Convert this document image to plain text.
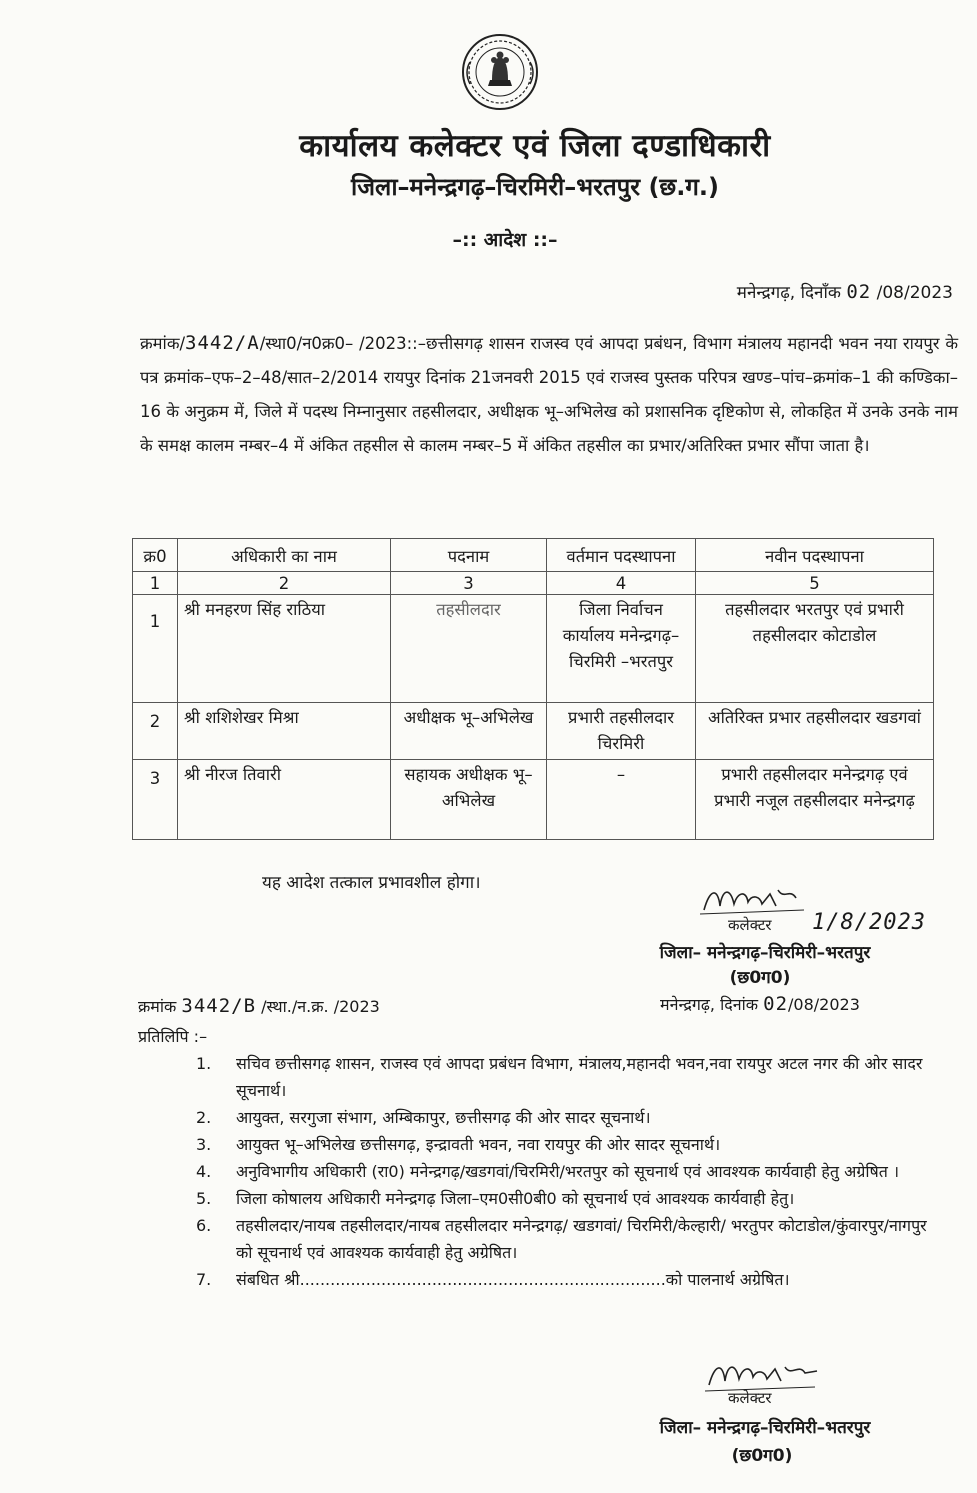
कार्यालय कलेक्टर एवं जिला दण्डाधिकारी
जिला–मनेन्द्रगढ़–चिरमिरी–भरतपुर (छ.ग.)
–:: आदेश ::–
मनेन्द्रगढ़, दिनाँक 02 /08/2023
क्रमांक/3442/A/स्था0/न0क्र0– /2023::–छत्तीसगढ़ शासन राजस्व एवं आपदा प्रबंधन, विभाग मंत्रालय महानदी भवन नया रायपुर के पत्र क्रमांक–एफ–2–48/सात–2/2014 रायपुर दिनांक 21जनवरी 2015 एवं राजस्व पुस्तक परिपत्र खण्ड–पांच–क्रमांक–1 की कण्डिका–16 के अनुक्रम में, जिले में पदस्थ निम्नानुसार तहसीलदार, अधीक्षक भू–अभिलेख को प्रशासनिक दृष्टिकोण से, लोकहित में उनके उनके नाम के समक्ष कालम नम्बर–4 में अंकित तहसील से कालम नम्बर–5 में अंकित तहसील का प्रभार/अतिरिक्त प्रभार सौंपा जाता है।
क्र0	अधिकारी का नाम	पदनाम	वर्तमान पदस्थापना	नवीन पदस्थापना
1	2	3	4	5
1	श्री मनहरण सिंह राठिया	तहसीलदार	जिला निर्वाचन कार्यालय मनेन्द्रगढ़–चिरमिरी –भरतपुर	तहसीलदार भरतपुर एवं प्रभारी तहसीलदार कोटाडोल
2	श्री शशिशेखर मिश्रा	अधीक्षक भू–अभिलेख	प्रभारी तहसीलदार चिरमिरी	अतिरिक्त प्रभार तहसीलदार खडगवां
3	श्री नीरज तिवारी	सहायक अधीक्षक भू–अभिलेख	–	प्रभारी तहसीलदार मनेन्द्रगढ़ एवं प्रभारी नजूल तहसीलदार मनेन्द्रगढ़
यह आदेश तत्काल प्रभावशील होगा।
कलेक्टर 1/8/2023
जिला– मनेन्द्रगढ़–चिरमिरी–भरतपुर
(छ0ग0)
क्रमांक 3442/B /स्था./न.क्र. /2023	मनेन्द्रगढ़, दिनांक 02/08/2023
प्रतिलिपि :–
1.	सचिव छत्तीसगढ़ शासन, राजस्व एवं आपदा प्रबंधन विभाग, मंत्रालय,महानदी भवन,नवा रायपुर अटल नगर की ओर सादर सूचनार्थ।
2.	आयुक्त, सरगुजा संभाग, अम्बिकापुर, छत्तीसगढ़ की ओर सादर सूचनार्थ।
3.	आयुक्त भू–अभिलेख छत्तीसगढ़, इन्द्रावती भवन, नवा रायपुर की ओर सादर सूचनार्थ।
4.	अनुविभागीय अधिकारी (रा0) मनेन्द्रगढ़/खडगवां/चिरमिरी/भरतपुर को सूचनार्थ एवं आवश्यक कार्यवाही हेतु अग्रेषित ।
5.	जिला कोषालय अधिकारी मनेन्द्रगढ़ जिला–एम0सी0बी0 को सूचनार्थ एवं आवश्यक कार्यवाही हेतु।
6.	तहसीलदार/नायब तहसीलदार/नायब तहसीलदार मनेन्द्रगढ़/ खडगवां/ चिरमिरी/केल्हारी/ भरतुपर कोटाडोल/कुंवारपुर/नागपुर को सूचनार्थ एवं आवश्यक कार्यवाही हेतु अग्रेषित।
7.	संबधित श्री........................................................................को पालनार्थ अग्रेषित।
कलेक्टर
जिला– मनेन्द्रगढ़–चिरमिरी–भतरपुर
(छ0ग0)
